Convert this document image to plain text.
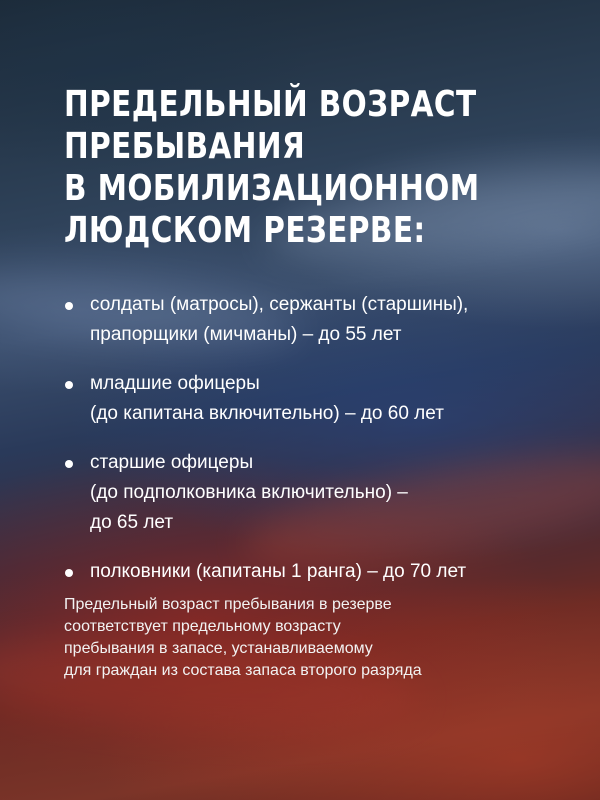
ПРЕДЕЛЬНЫЙ ВОЗРАСТ
ПРЕБЫВАНИЯ
В МОБИЛИЗАЦИОННОМ
ЛЮДСКОМ РЕЗЕРВЕ:
солдаты (матросы), сержанты (старшины),
прапорщики (мичманы) – до 55 лет
младшие офицеры
(до капитана включительно) – до 60 лет
старшие офицеры
(до подполковника включительно) –
до 65 лет
полковники (капитаны 1 ранга) – до 70 лет

Предельный возраст пребывания в резерве
соответствует предельному возрасту
пребывания в запасе, устанавливаемому
для граждан из состава запаса второго разряда
